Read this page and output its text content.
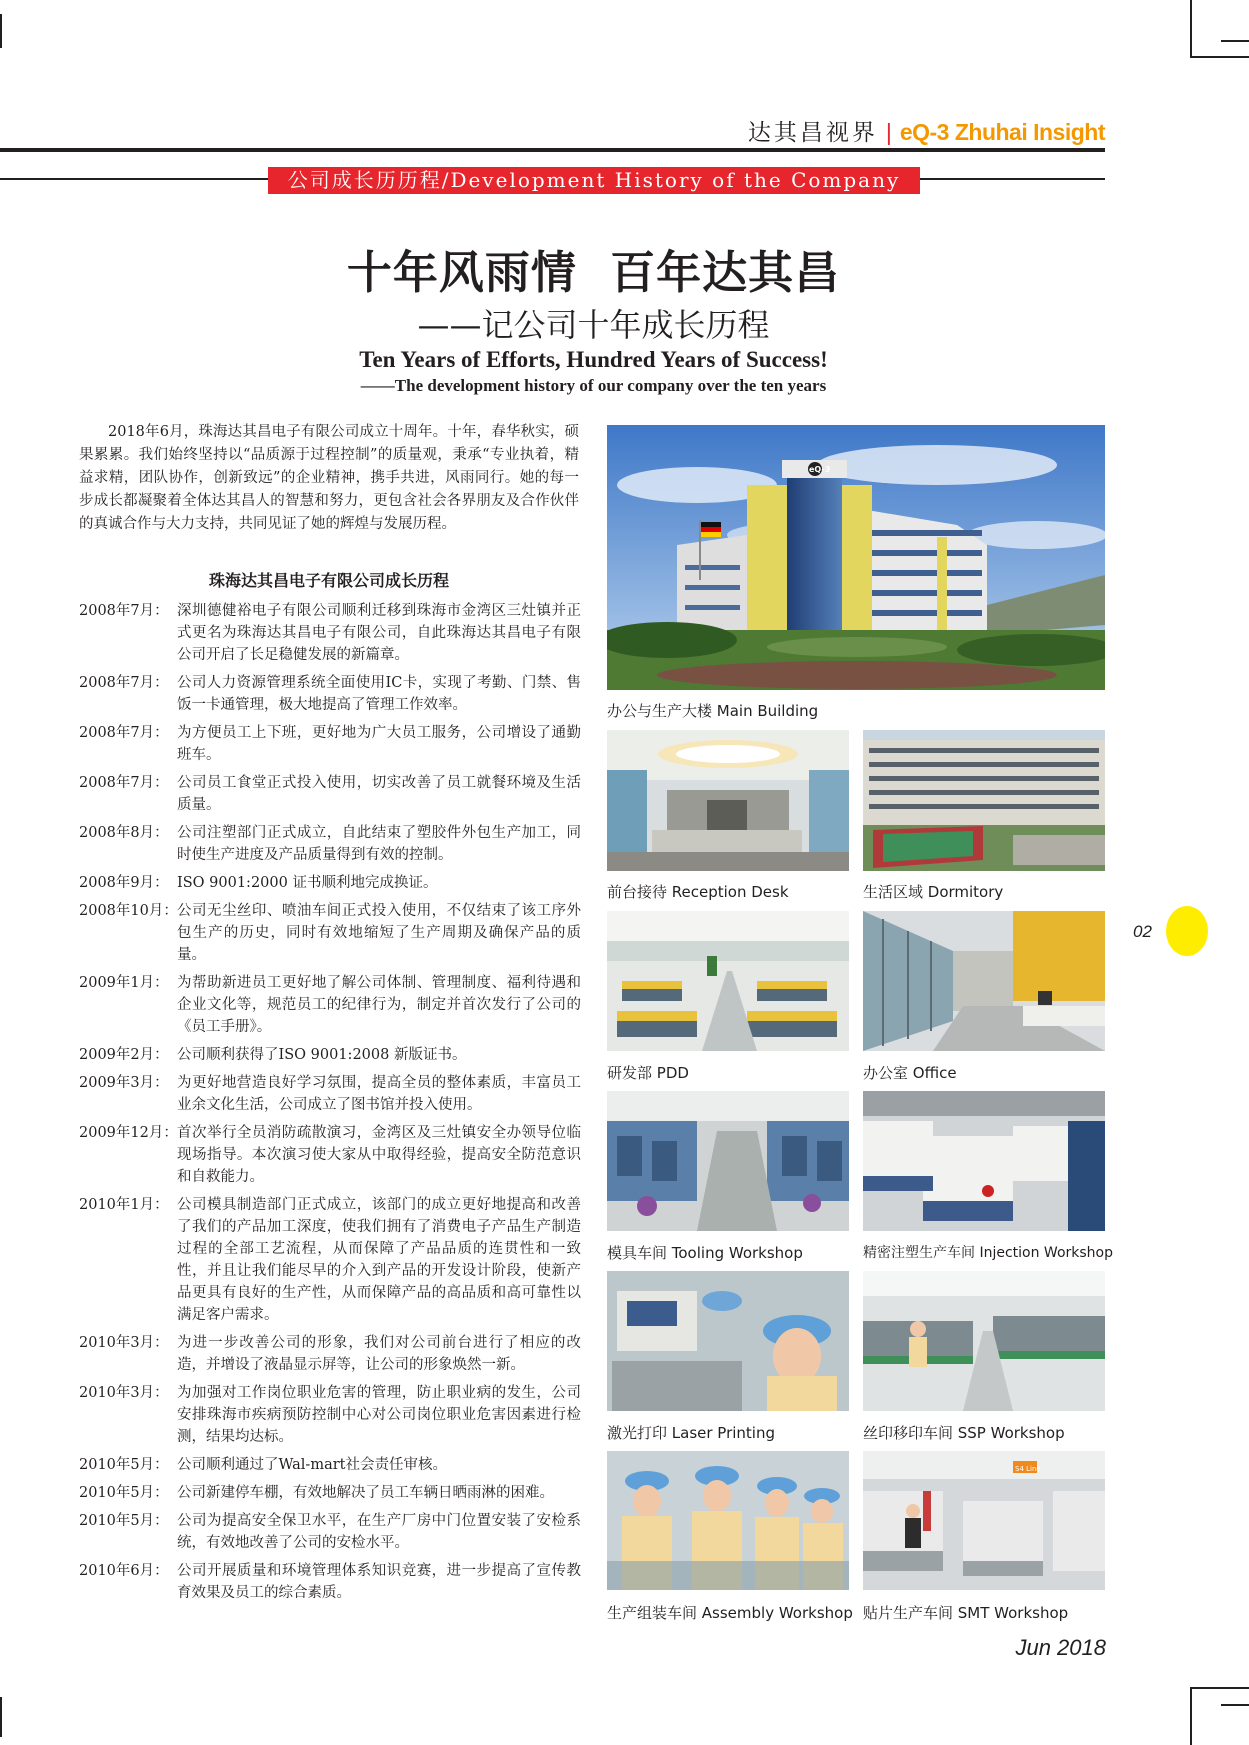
达其昌视界 | eQ-3 Zhuhai Insight
公司成长历历程/Development History of the Company
十年风雨情  百年达其昌
——记公司十年成长历程
Ten Years of Efforts, Hundred Years of Success!
——The development history of our company over the ten years
2018年6月，珠海达其昌电子有限公司成立十周年。十年，春华秋实，硕果累累。我们始终坚持以“品质源于过程控制”的质量观，秉承“专业执着，精益求精，团队协作，创新致远”的企业精神，携手共进，风雨同行。她的每一步成长都凝聚着全体达其昌人的智慧和努力，更包含社会各界朋友及合作伙伴的真诚合作与大力支持，共同见证了她的辉煌与发展历程。
珠海达其昌电子有限公司成长历程
2008年7月： 深圳德健裕电子有限公司顺利迁移到珠海市金湾区三灶镇并正式更名为珠海达其昌电子有限公司，自此珠海达其昌电子有限公司开启了长足稳健发展的新篇章。
2008年7月： 公司人力资源管理系统全面使用IC卡，实现了考勤、门禁、售饭一卡通管理，极大地提高了管理工作效率。
2008年7月： 为方便员工上下班，更好地为广大员工服务，公司增设了通勤班车。
2008年7月： 公司员工食堂正式投入使用，切实改善了员工就餐环境及生活质量。
2008年8月： 公司注塑部门正式成立，自此结束了塑胶件外包生产加工，同时使生产进度及产品质量得到有效的控制。
2008年9月： ISO 9001:2000 证书顺利地完成换证。
2008年10月： 公司无尘丝印、喷油车间正式投入使用，不仅结束了该工序外包生产的历史，同时有效地缩短了生产周期及确保产品的质量。
2009年1月： 为帮助新进员工更好地了解公司体制、管理制度、福利待遇和企业文化等，规范员工的纪律行为，制定并首次发行了公司的《员工手册》。
2009年2月： 公司顺利获得了ISO 9001:2008 新版证书。
2009年3月： 为更好地营造良好学习氛围，提高全员的整体素质，丰富员工业余文化生活，公司成立了图书馆并投入使用。
2009年12月： 首次举行全员消防疏散演习，金湾区及三灶镇安全办领导位临现场指导。本次演习使大家从中取得经验，提高安全防范意识和自救能力。
2010年1月： 公司模具制造部门正式成立，该部门的成立更好地提高和改善了我们的产品加工深度，使我们拥有了消费电子产品生产制造过程的全部工艺流程，从而保障了产品品质的连贯性和一致性，并且让我们能尽早的介入到产品的开发设计阶段，使新产品更具有良好的生产性，从而保障产品的高品质和高可靠性以满足客户需求。
2010年3月： 为进一步改善公司的形象，我们对公司前台进行了相应的改造，并增设了液晶显示屏等，让公司的形象焕然一新。
2010年3月： 为加强对工作岗位职业危害的管理，防止职业病的发生，公司安排珠海市疾病预防控制中心对公司岗位职业危害因素进行检测，结果均达标。
2010年5月： 公司顺利通过了Wal-mart社会责任审核。
2010年5月： 公司新建停车棚，有效地解决了员工车辆日晒雨淋的困难。
2010年5月： 公司为提高安全保卫水平，在生产厂房中门位置安装了安检系统，有效地改善了公司的安检水平。
2010年6月： 公司开展质量和环境管理体系知识竞赛，进一步提高了宣传教育效果及员工的综合素质。
eQ-3
办公与生产大楼 Main Building
前台接待 Reception Desk	生活区域 Dormitory
研发部 PDD	办公室 Office
模具车间 Tooling Workshop	精密注塑生产车间 Injection Workshop
激光打印 Laser Printing	丝印移印车间 SSP Workshop
生产组装车间 Assembly Workshop
S4 Line
贴片生产车间 SMT Workshop
02
Jun 2018
